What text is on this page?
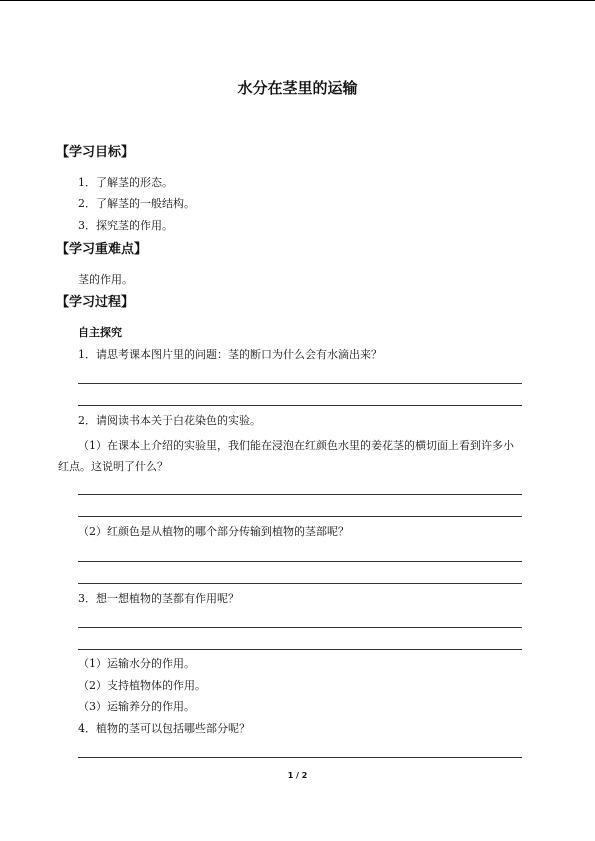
水分在茎里的运输
【学习目标】
1．了解茎的形态。
2．了解茎的一般结构。
3．探究茎的作用。
【学习重难点】
茎的作用。
【学习过程】
自主探究
1．请思考课本图片里的问题：茎的断口为什么会有水滴出来？
2．请阅读书本关于白花染色的实验。
（1）在课本上介绍的实验里，我们能在浸泡在红颜色水里的姜花茎的横切面上看到许多小红点。这说明了什么？
（2）红颜色是从植物的哪个部分传输到植物的茎部呢？
3．想一想植物的茎都有作用呢？
（1）运输水分的作用。
（2）支持植物体的作用。
（3）运输养分的作用。
4．植物的茎可以包括哪些部分呢？
1 / 2
